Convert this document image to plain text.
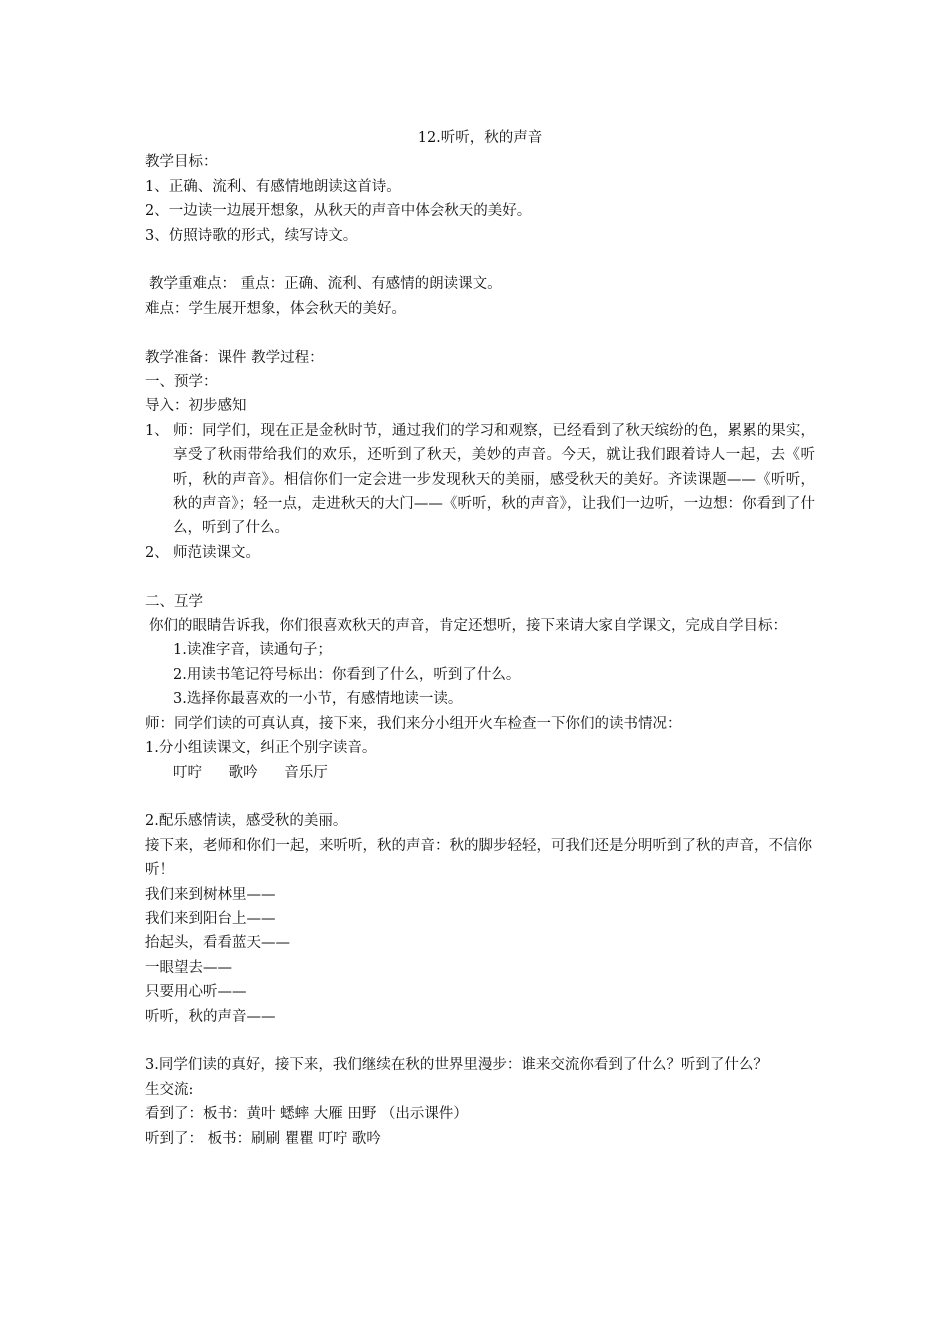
12.听听，秋的声音

教学目标：

1、正确、流利、有感情地朗读这首诗。

2、一边读一边展开想象，从秋天的声音中体会秋天的美好。

3、仿照诗歌的形式，续写诗文。

教学重难点： 重点：正确、流利、有感情的朗读课文。

难点：学生展开想象，体会秋天的美好。

教学准备：课件 教学过程：

一、预学：

导入：初步感知

1、 师：同学们，现在正是金秋时节，通过我们的学习和观察，已经看到了秋天缤纷的色，累累的果实，享受了秋雨带给我们的欢乐，还听到了秋天，美妙的声音。今天，就让我们跟着诗人一起，去《听听，秋的声音》。相信你们一定会进一步发现秋天的美丽，感受秋天的美好。齐读课题——《听听，秋的声音》；轻一点，走进秋天的大门——《听听，秋的声音》，让我们一边听，一边想：你看到了什么，听到了什么。
2、 师范读课文。

二、互学

你们的眼睛告诉我，你们很喜欢秋天的声音，肯定还想听，接下来请大家自学课文，完成自学目标：

1.读准字音，读通句子；

2.用读书笔记符号标出：你看到了什么，听到了什么。

3.选择你最喜欢的一小节，有感情地读一读。

师：同学们读的可真认真，接下来，我们来分小组开火车检查一下你们的读书情况：

1.分小组读课文，纠正个别字读音。

叮咛 歌吟 音乐厅

2.配乐感情读，感受秋的美丽。

接下来，老师和你们一起，来听听，秋的声音：秋的脚步轻轻，可我们还是分明听到了秋的声音，不信你听！

我们来到树林里——

我们来到阳台上——

抬起头，看看蓝天——

一眼望去——

只要用心听——

听听，秋的声音——

3.同学们读的真好，接下来，我们继续在秋的世界里漫步：谁来交流你看到了什么？听到了什么？

生交流:

看到了：板书：黄叶 蟋蟀 大雁 田野 （出示课件）

听到了： 板书：刷刷 瞿瞿 叮咛 歌吟
